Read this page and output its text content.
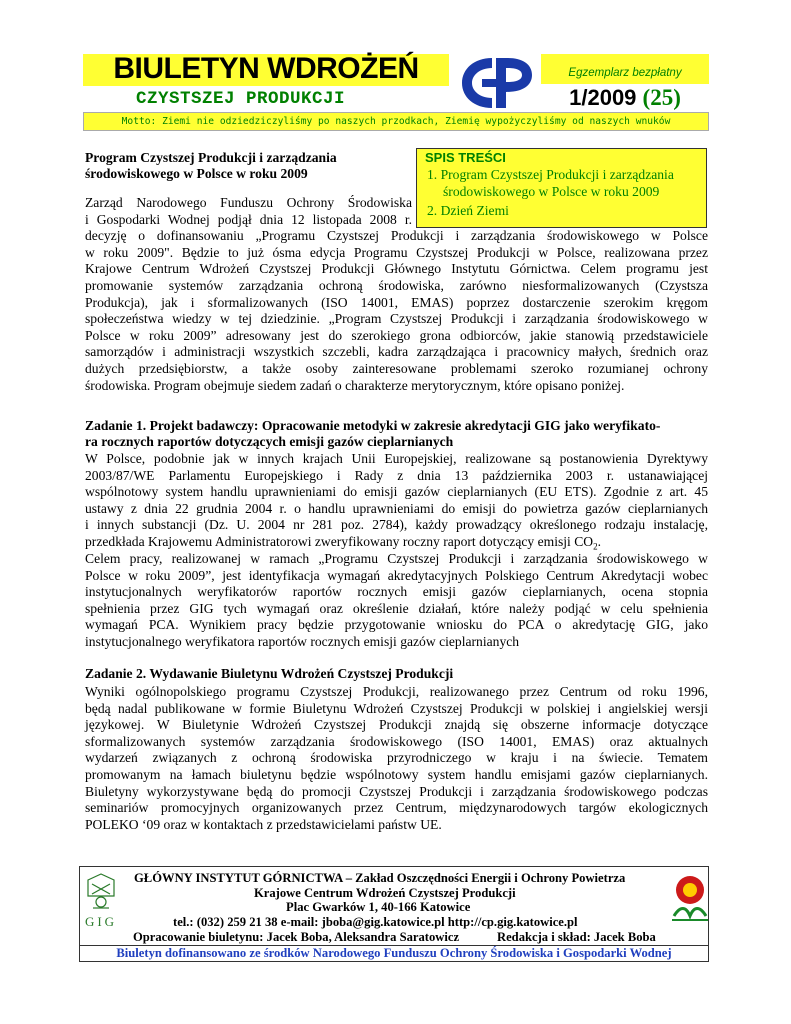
BIULETYN WDROŻEŃ
CZYSTSZEJ PRODUKCJI
Egzemplarz bezpłatny
1/2009 (25)
Motto: Ziemi nie odziedziczyliśmy po naszych przodkach, Ziemię wypożyczyliśmy od naszych wnuków
Program Czystszej Produkcji i zarządzania
środowiskowego w Polsce w roku 2009
SPIS TREŚCI
1. Program Czystszej Produkcji i zarządzania
środowiskowego w Polsce w roku 2009
2. Dzień Ziemi
Zarząd Narodowego Funduszu Ochrony Środowiska
i Gospodarki Wodnej podjął dnia 12 listopada 2008 r.
decyzję o dofinansowaniu „Programu Czystszej Produkcji i zarządzania środowiskowego w Polsce
w roku 2009". Będzie to już ósma edycja Programu Czystszej Produkcji w Polsce, realizowana przez
Krajowe Centrum Wdrożeń Czystszej Produkcji Głównego Instytutu Górnictwa. Celem programu jest
promowanie systemów zarządzania ochroną środowiska, zarówno niesformalizowanych (Czystsza
Produkcja), jak i sformalizowanych (ISO 14001, EMAS) poprzez dostarczenie szerokim kręgom
społeczeństwa wiedzy w tej dziedzinie. „Program Czystszej Produkcji i zarządzania środowiskowego w
Polsce w roku 2009” adresowany jest do szerokiego grona odbiorców, jakie stanowią przedstawiciele
samorządów i administracji wszystkich szczebli, kadra zarządzająca i pracownicy małych, średnich oraz
dużych przedsiębiorstw, a także osoby zainteresowane problemami szeroko rozumianej ochrony
środowiska. Program obejmuje siedem zadań o charakterze merytorycznym, które opisano poniżej.
Zadanie 1. Projekt badawczy: Opracowanie metodyki w zakresie akredytacji GIG jako weryfikato-
ra rocznych raportów dotyczących emisji gazów cieplarnianych
W Polsce, podobnie jak w innych krajach Unii Europejskiej, realizowane są postanowienia Dyrektywy
2003/87/WE Parlamentu Europejskiego i Rady z dnia 13 października 2003 r. ustanawiającej
wspólnotowy system handlu uprawnieniami do emisji gazów cieplarnianych (EU ETS). Zgodnie z art. 45
ustawy z dnia 22 grudnia 2004 r. o handlu uprawnieniami do emisji do powietrza gazów cieplarnianych
i innych substancji (Dz. U. 2004 nr 281 poz. 2784), każdy prowadzący określonego rodzaju instalację,
przedkłada Krajowemu Administratorowi zweryfikowany roczny raport dotyczący emisji $CO_2$.
Celem pracy, realizowanej w ramach „Programu Czystszej Produkcji i zarządzania środowiskowego w
Polsce w roku 2009”, jest identyfikacja wymagań akredytacyjnych Polskiego Centrum Akredytacji wobec
instytucjonalnych weryfikatorów raportów rocznych emisji gazów cieplarnianych, ocena stopnia
spełnienia przez GIG tych wymagań oraz określenie działań, które należy podjąć w celu spełnienia
wymagań PCA. Wynikiem pracy będzie przygotowanie wniosku do PCA o akredytację GIG, jako
instytucjonalnego weryfikatora raportów rocznych emisji gazów cieplarnianych
Zadanie 2. Wydawanie Biuletynu Wdrożeń Czystszej Produkcji
Wyniki ogólnopolskiego programu Czystszej Produkcji, realizowanego przez Centrum od roku 1996,
będą nadal publikowane w formie Biuletynu Wdrożeń Czystszej Produkcji w polskiej i angielskiej wersji
językowej. W Biuletynie Wdrożeń Czystszej Produkcji znajdą się obszerne informacje dotyczące
sformalizowanych systemów zarządzania środowiskowego (ISO 14001, EMAS) oraz aktualnych
wydarzeń związanych z ochroną środowiska przyrodniczego w kraju i na świecie. Tematem
promowanym na łamach biuletynu będzie wspólnotowy system handlu emisjami gazów cieplarnianych.
Biuletyny wykorzystywane będą do promocji Czystszej Produkcji i zarządzania środowiskowego podczas
seminariów promocyjnych organizowanych przez Centrum, międzynarodowych targów ekologicznych
POLEKO ‘09 oraz w kontaktach z przedstawicielami państw UE.
GIG
GŁÓWNY INSTYTUT GÓRNICTWA – Zakład Oszczędności Energii i Ochrony Powietrza
Krajowe Centrum Wdrożeń Czystszej Produkcji
Plac Gwarków 1, 40-166 Katowice
tel.: (032) 259 21 38 e-mail: jboba@gig.katowice.pl http://cp.gig.katowice.pl
Opracowanie biuletynu: Jacek Boba, Aleksandra Saratowicz	Redakcja i skład: Jacek Boba
Biuletyn dofinansowano ze środków Narodowego Funduszu Ochrony Środowiska i Gospodarki Wodnej
